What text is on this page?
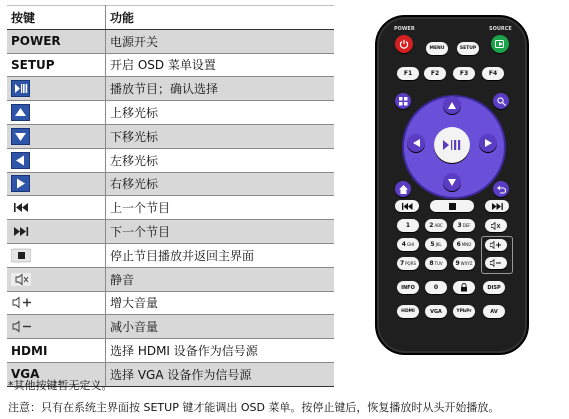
按键	功能
POWER	电源开关
SETUP	开启 OSD 菜单设置

	播放节目；确认选择

	上移光标

	下移光标

	左移光标

	右移光标
	上一个节目
	下一个节目
	停止节目播放并返回主界面
	静音
	增大音量
	减小音量
HDMI	选择 HDMI 设备作为信号源
VGA	选择 VGA 设备作为信号源
*其他按键暂无定义。
注意：只有在系统主界面按 SETUP 键才能调出 OSD 菜单。按停止键后，恢复播放时从头开始播放。
POWER	SOURCE
MENU	SETUP
F1	F2	F3	F4
1	2 ABC 3 DEF
4 GHI	5 JKL	6 MNO
7 PQRS 8 TUV 9 WXYZ
INFO	0	DISP
HDMI	VGA	YPbPr	AV
